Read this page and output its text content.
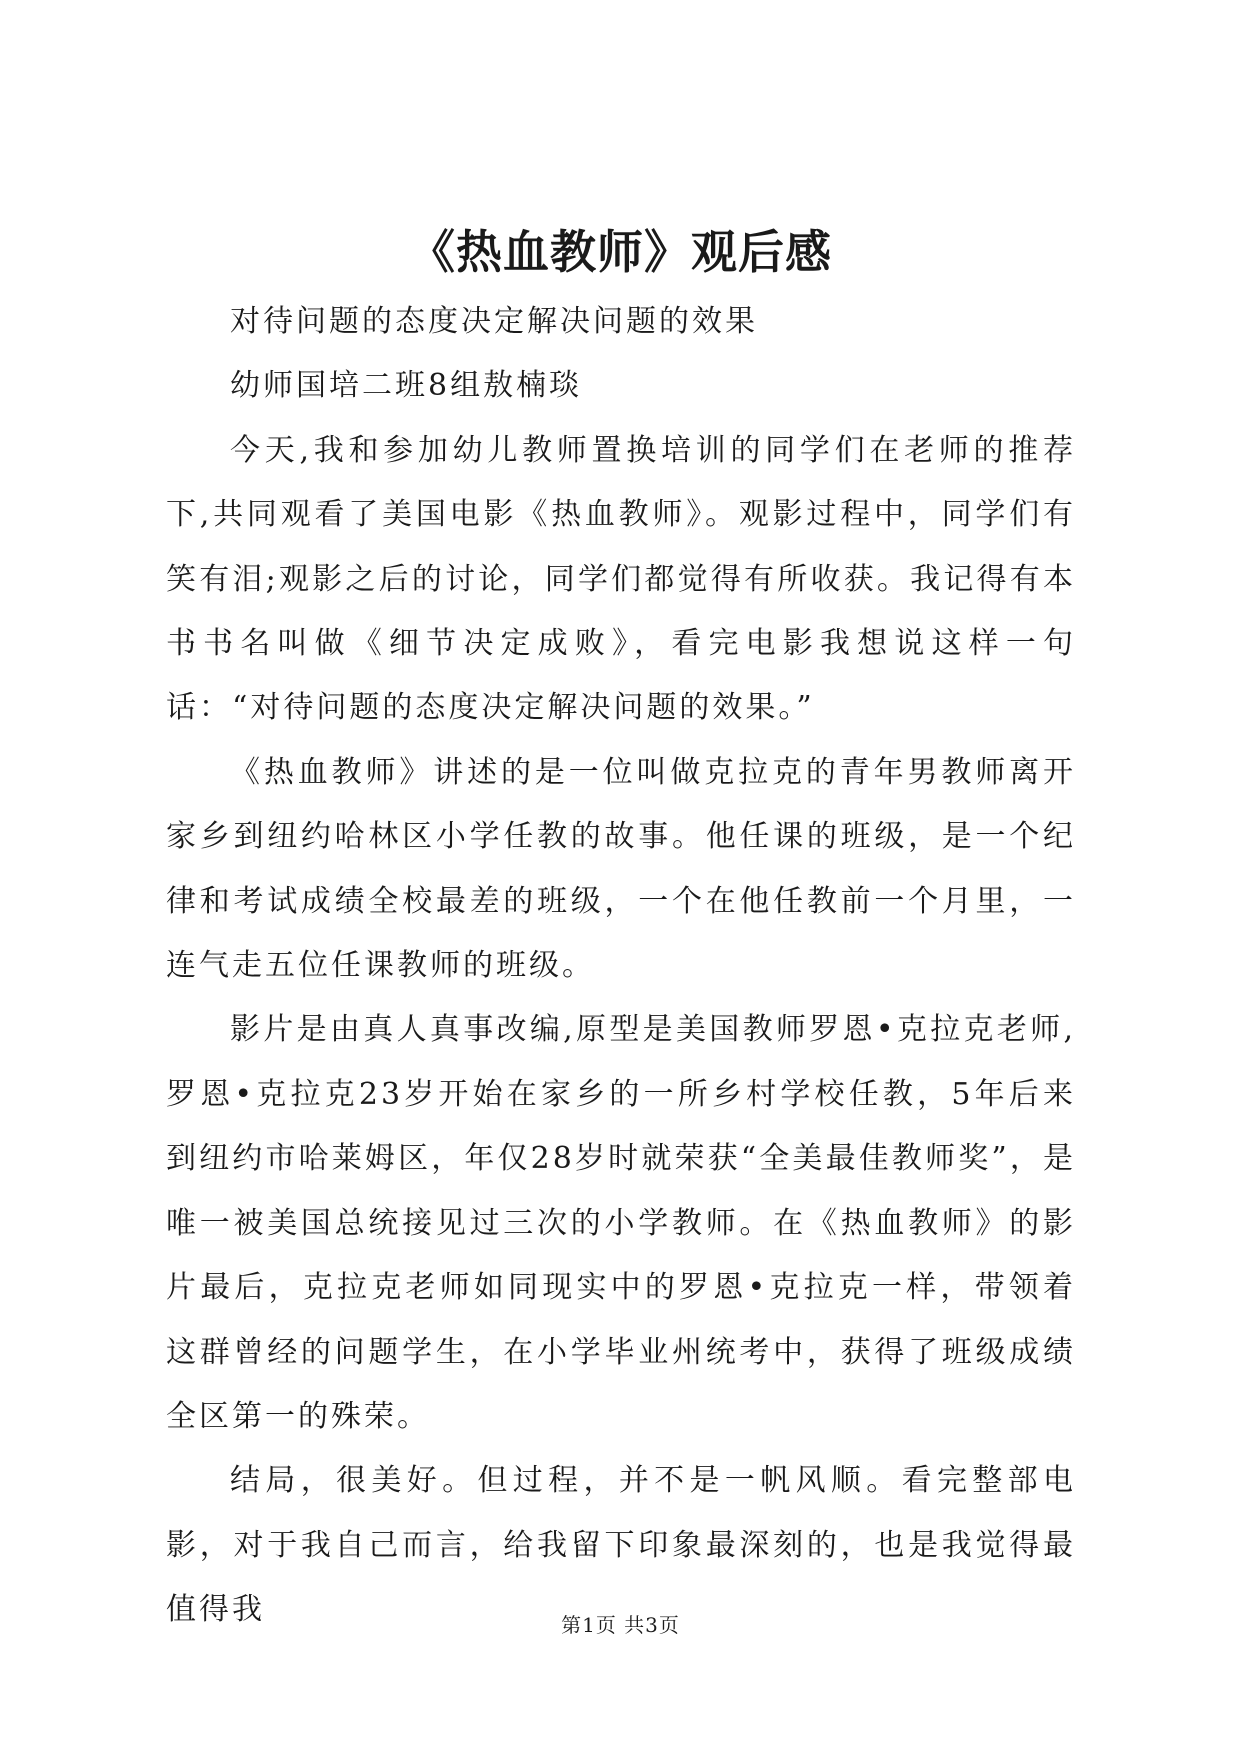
《热血教师》观后感

对待问题的态度决定解决问题的效果

幼师国培二班8组敖楠琰

今天,我和参加幼儿教师置换培训的同学们在老师的推荐下,共同观看了美国电影《热血教师》。观影过程中，同学们有笑有泪;观影之后的讨论，同学们都觉得有所收获。我记得有本书书名叫做《细节决定成败》，看完电影我想说这样一句话：“对待问题的态度决定解决问题的效果。”

《热血教师》讲述的是一位叫做克拉克的青年男教师离开家乡到纽约哈林区小学任教的故事。他任课的班级，是一个纪律和考试成绩全校最差的班级，一个在他任教前一个月里，一连气走五位任课教师的班级。

影片是由真人真事改编,原型是美国教师罗恩•克拉克老师,罗恩•克拉克23岁开始在家乡的一所乡村学校任教，5年后来到纽约市哈莱姆区，年仅28岁时就荣获“全美最佳教师奖”，是唯一被美国总统接见过三次的小学教师。在《热血教师》的影片最后，克拉克老师如同现实中的罗恩•克拉克一样，带领着这群曾经的问题学生，在小学毕业州统考中，获得了班级成绩全区第一的殊荣。

结局，很美好。但过程，并不是一帆风顺。看完整部电影，对于我自己而言，给我留下印象最深刻的，也是我觉得最值得我	第1页 共3页
